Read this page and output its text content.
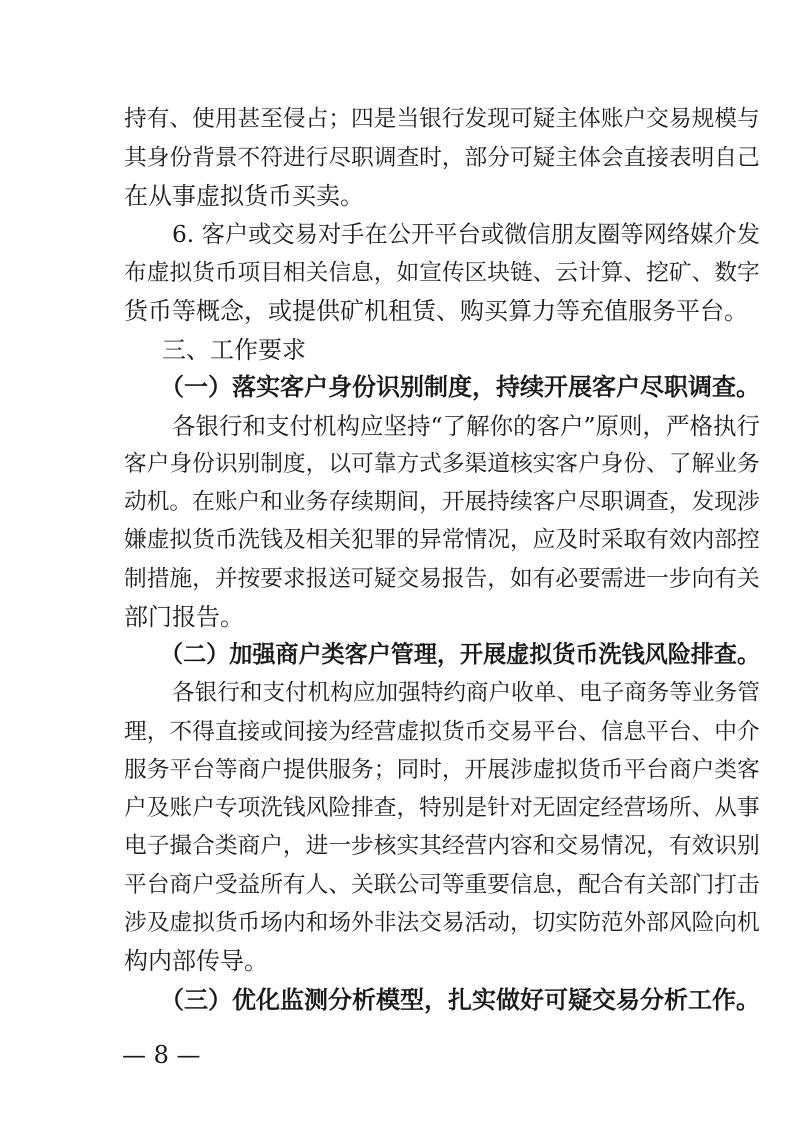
持有、使用甚至侵占；四是当银行发现可疑主体账户交易规模与
其身份背景不符进行尽职调查时，部分可疑主体会直接表明自己
在从事虚拟货币买卖。
6. 客户或交易对手在公开平台或微信朋友圈等网络媒介发
布虚拟货币项目相关信息，如宣传区块链、云计算、挖矿、数字
货币等概念，或提供矿机租赁、购买算力等充值服务平台。
三、工作要求
（一）落实客户身份识别制度，持续开展客户尽职调查。
各银行和支付机构应坚持“了解你的客户”原则，严格执行
客户身份识别制度，以可靠方式多渠道核实客户身份、了解业务
动机。在账户和业务存续期间，开展持续客户尽职调查，发现涉
嫌虚拟货币洗钱及相关犯罪的异常情况，应及时采取有效内部控
制措施，并按要求报送可疑交易报告，如有必要需进一步向有关
部门报告。
（二）加强商户类客户管理，开展虚拟货币洗钱风险排查。
各银行和支付机构应加强特约商户收单、电子商务等业务管
理，不得直接或间接为经营虚拟货币交易平台、信息平台、中介
服务平台等商户提供服务；同时，开展涉虚拟货币平台商户类客
户及账户专项洗钱风险排查，特别是针对无固定经营场所、从事
电子撮合类商户，进一步核实其经营内容和交易情况，有效识别
平台商户受益所有人、关联公司等重要信息，配合有关部门打击
涉及虚拟货币场内和场外非法交易活动，切实防范外部风险向机
构内部传导。
（三）优化监测分析模型，扎实做好可疑交易分析工作。
— 8 —
